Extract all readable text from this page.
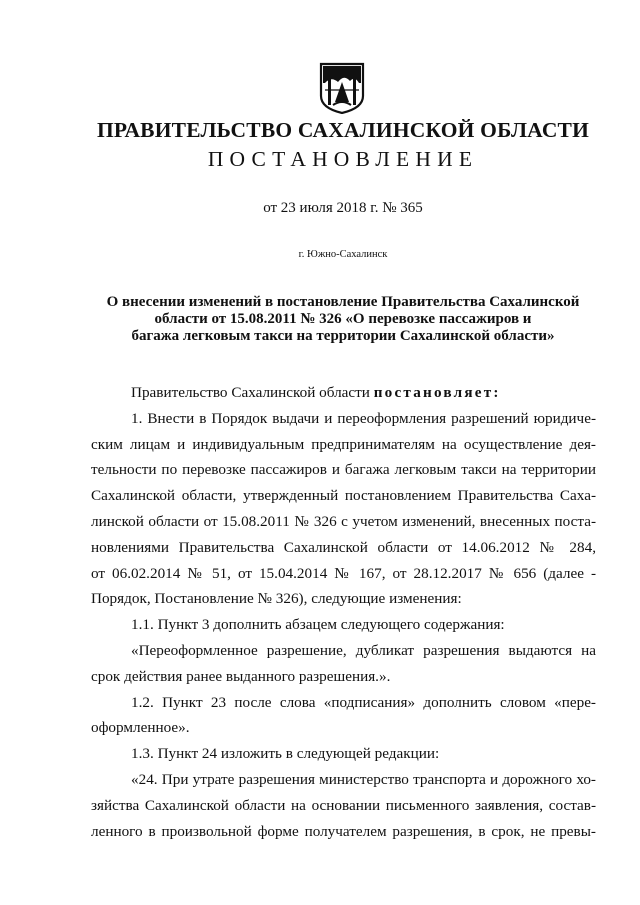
ПРАВИТЕЛЬСТВО САХАЛИНСКОЙ ОБЛАСТИ
ПОСТАНОВЛЕНИЕ
от 23 июля 2018 г. № 365
г. Южно-Сахалинск
О внесении изменений в постановление Правительства Сахалинской
области от 15.08.2011 № 326 «О перевозке пассажиров и
багажа легковым такси на территории Сахалинской области»
Правительство Сахалинской области постановляет:
1. Внести в Порядок выдачи и переоформления разрешений юридиче-
ским лицам и индивидуальным предпринимателям на осуществление дея-
тельности по перевозке пассажиров и багажа легковым такси на территории
Сахалинской области, утвержденный постановлением Правительства Саха-
линской области от 15.08.2011 № 326 с учетом изменений, внесенных поста-
новлениями Правительства Сахалинской области от 14.06.2012 № 284,
от 06.02.2014 № 51, от 15.04.2014 № 167, от 28.12.2017 № 656 (далее -
Порядок, Постановление № 326), следующие изменения:
1.1. Пункт 3 дополнить абзацем следующего содержания:
«Переоформленное разрешение, дубликат разрешения выдаются на
срок действия ранее выданного разрешения.».
1.2. Пункт 23 после слова «подписания» дополнить словом «пере-
оформленное».
1.3. Пункт 24 изложить в следующей редакции:
«24. При утрате разрешения министерство транспорта и дорожного хо-
зяйства Сахалинской области на основании письменного заявления, состав-
ленного в произвольной форме получателем разрешения, в срок, не превы-
